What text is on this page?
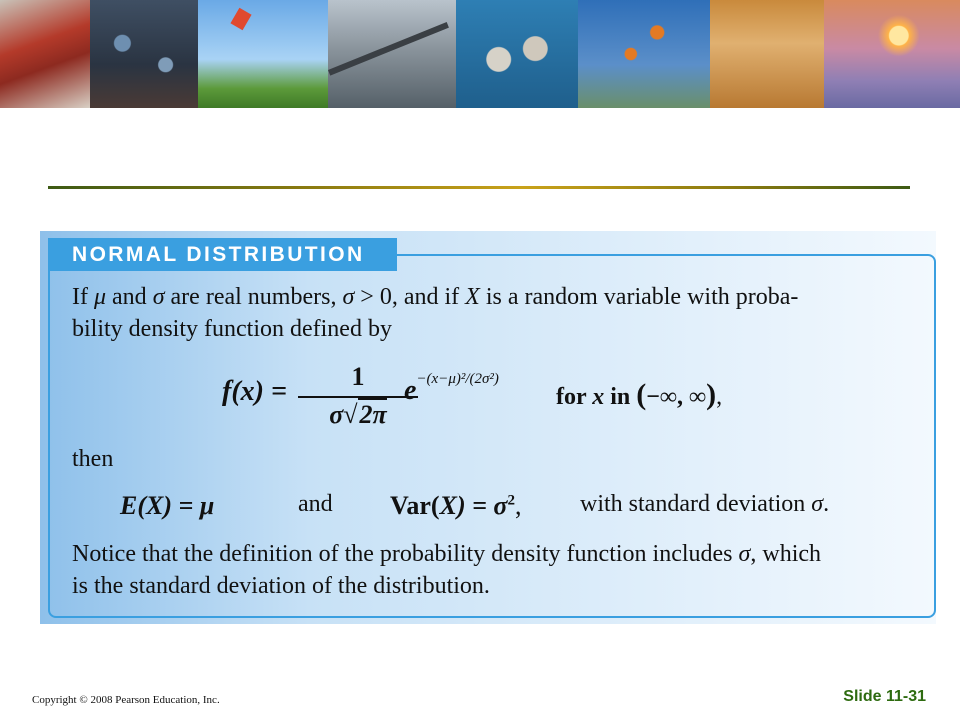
NORMAL DISTRIBUTION
If μ and σ are real numbers, σ > 0, and if X is a random variable with proba-
bility density function defined by
f(x) =	1
σ√2π
$e^{-(x-\mu)^2/(2\sigma^2)}$
for x in (−∞, ∞),
then
E(X) = μ	and $Var(X) = \sigma^2$, with standard deviation σ.
Notice that the definition of the probability density function includes σ, which
is the standard deviation of the distribution.
Copyright © 2008 Pearson Education, Inc.	Slide 11-31
